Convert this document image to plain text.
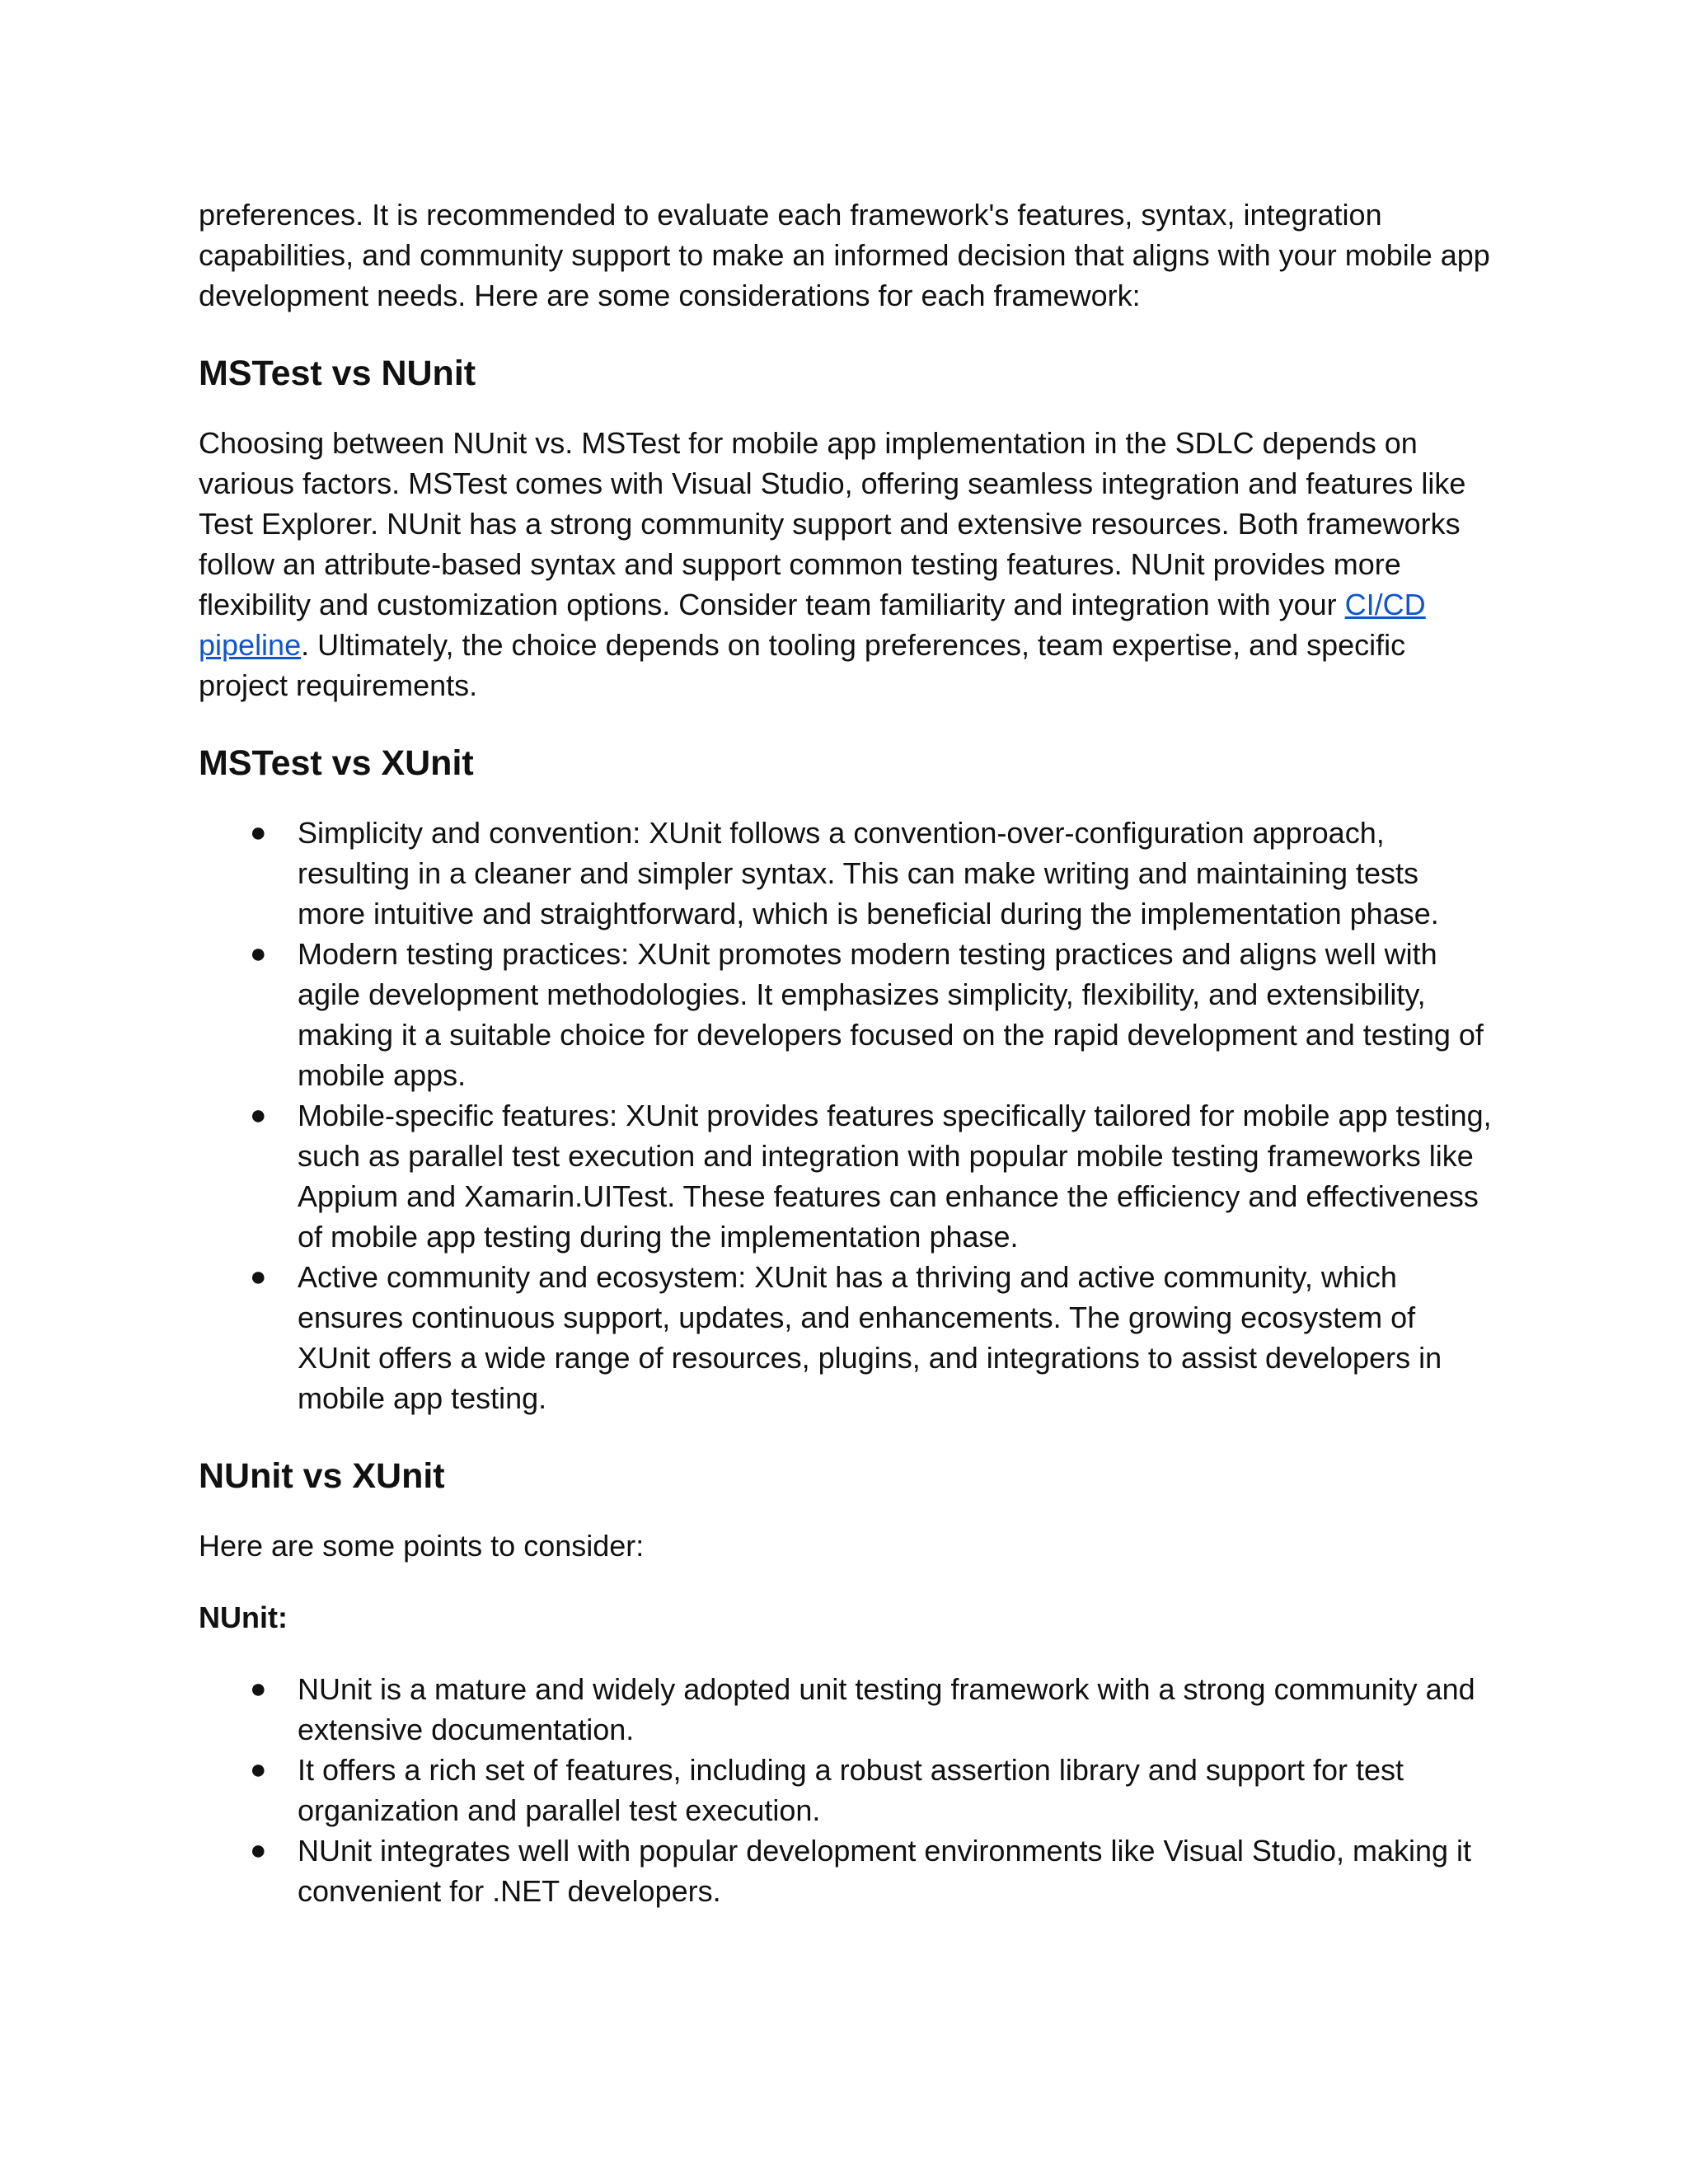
preferences. It is recommended to evaluate each framework's features, syntax, integration capabilities, and community support to make an informed decision that aligns with your mobile app development needs. Here are some considerations for each framework:

MSTest vs NUnit

Choosing between NUnit vs. MSTest for mobile app implementation in the SDLC depends on various factors. MSTest comes with Visual Studio, offering seamless integration and features like Test Explorer. NUnit has a strong community support and extensive resources. Both frameworks follow an attribute-based syntax and support common testing features. NUnit provides more flexibility and customization options. Consider team familiarity and integration with your CI/CD pipeline. Ultimately, the choice depends on tooling preferences, team expertise, and specific project requirements.

MSTest vs XUnit
● Simplicity and convention: XUnit follows a convention-over-configuration approach, resulting in a cleaner and simpler syntax. This can make writing and maintaining tests more intuitive and straightforward, which is beneficial during the implementation phase.
● Modern testing practices: XUnit promotes modern testing practices and aligns well with agile development methodologies. It emphasizes simplicity, flexibility, and extensibility, making it a suitable choice for developers focused on the rapid development and testing of mobile apps.
● Mobile-specific features: XUnit provides features specifically tailored for mobile app testing, such as parallel test execution and integration with popular mobile testing frameworks like Appium and Xamarin.UITest. These features can enhance the efficiency and effectiveness of mobile app testing during the implementation phase.
● Active community and ecosystem: XUnit has a thriving and active community, which ensures continuous support, updates, and enhancements. The growing ecosystem of XUnit offers a wide range of resources, plugins, and integrations to assist developers in mobile app testing.
NUnit vs XUnit

Here are some points to consider:

NUnit:
● NUnit is a mature and widely adopted unit testing framework with a strong community and extensive documentation.
● It offers a rich set of features, including a robust assertion library and support for test organization and parallel test execution.
● NUnit integrates well with popular development environments like Visual Studio, making it convenient for .NET developers.
